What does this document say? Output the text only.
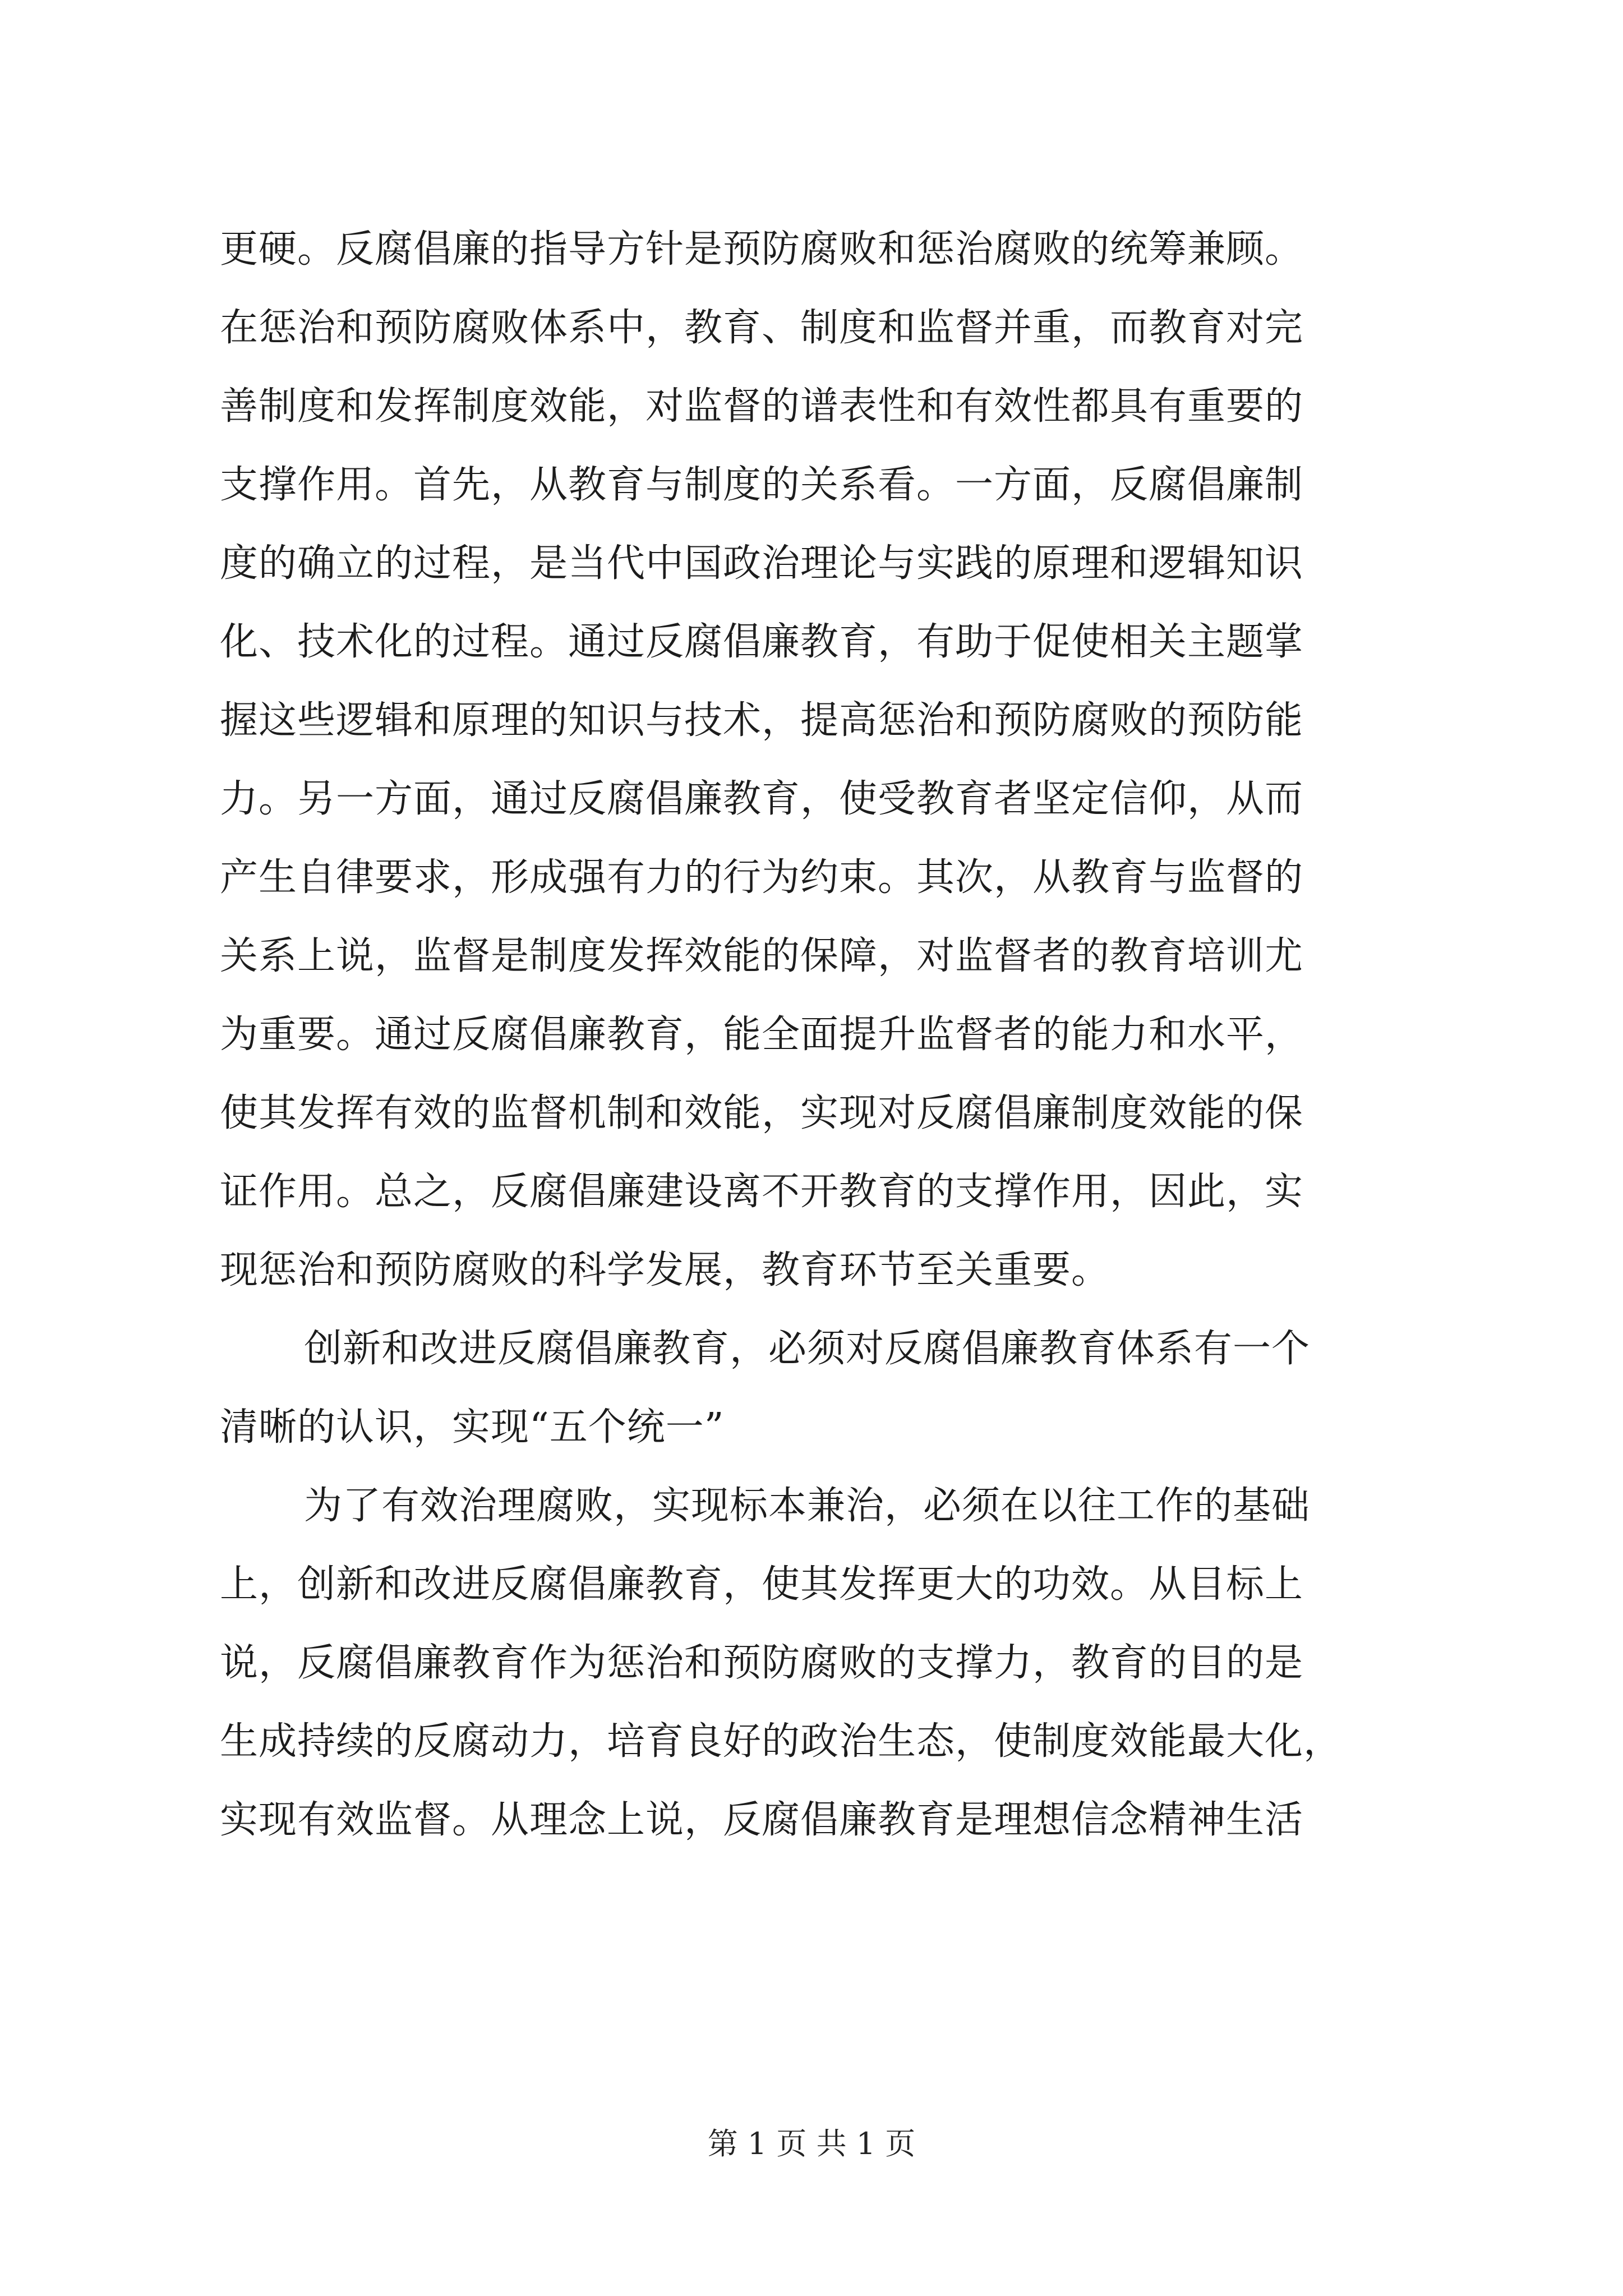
更硬。反腐倡廉的指导方针是预防腐败和惩治腐败的统筹兼顾。
在惩治和预防腐败体系中，教育、制度和监督并重，而教育对完
善制度和发挥制度效能，对监督的谱表性和有效性都具有重要的
支撑作用。首先，从教育与制度的关系看。一方面，反腐倡廉制
度的确立的过程，是当代中国政治理论与实践的原理和逻辑知识
化、技术化的过程。通过反腐倡廉教育，有助于促使相关主题掌
握这些逻辑和原理的知识与技术，提高惩治和预防腐败的预防能
力。另一方面，通过反腐倡廉教育，使受教育者坚定信仰，从而
产生自律要求，形成强有力的行为约束。其次，从教育与监督的
关系上说，监督是制度发挥效能的保障，对监督者的教育培训尤
为重要。通过反腐倡廉教育，能全面提升监督者的能力和水平，
使其发挥有效的监督机制和效能，实现对反腐倡廉制度效能的保
证作用。总之，反腐倡廉建设离不开教育的支撑作用，因此，实
现惩治和预防腐败的科学发展，教育环节至关重要。
创新和改进反腐倡廉教育，必须对反腐倡廉教育体系有一个
清晰的认识，实现“五个统一”
为了有效治理腐败，实现标本兼治，必须在以往工作的基础
上，创新和改进反腐倡廉教育，使其发挥更大的功效。从目标上
说，反腐倡廉教育作为惩治和预防腐败的支撑力，教育的目的是
生成持续的反腐动力，培育良好的政治生态，使制度效能最大化，
实现有效监督。从理念上说，反腐倡廉教育是理想信念精神生活
第 1 页 共 1 页
